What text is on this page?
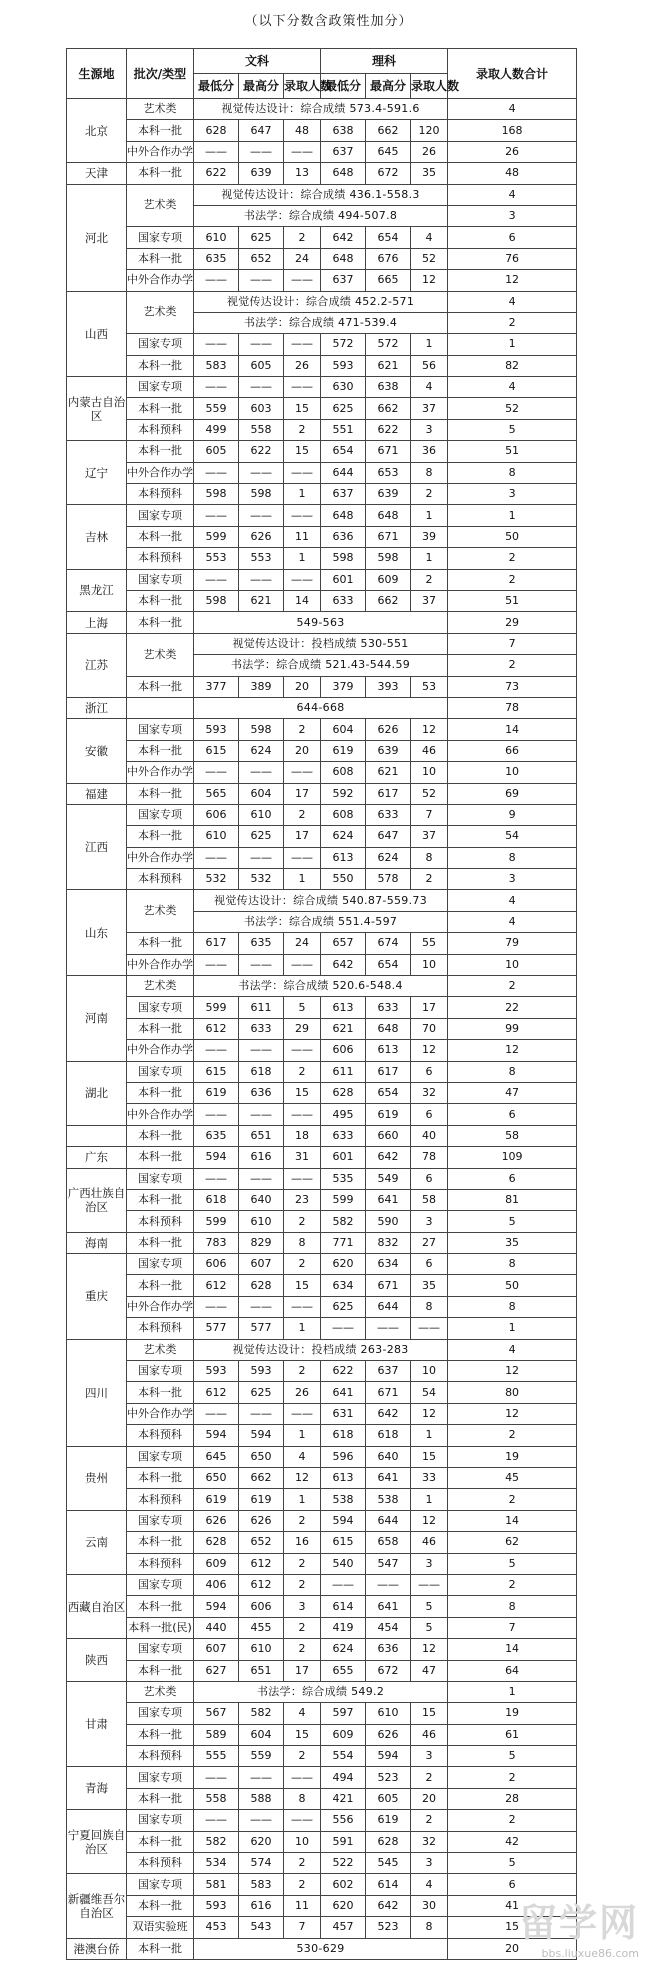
（以下分数含政策性加分）
生源地	批次/类型	文科			理科			录取人数合计
		最低分	最高分	录取人数	最低分	最高分	录取人数	
北京	艺术类	视觉传达设计：综合成绩 573.4-591.6						4
	本科一批	628	647	48	638	662	120	168
	中外合作办学	——	——	——	637	645	26	26
天津	本科一批	622	639	13	648	672	35	48
河北	艺术类	视觉传达设计：综合成绩 436.1-558.3						4
		书法学：综合成绩 494-507.8						3
	国家专项	610	625	2	642	654	4	6
	本科一批	635	652	24	648	676	52	76
	中外合作办学	——	——	——	637	665	12	12
山西	艺术类	视觉传达设计：综合成绩 452.2-571						4
		书法学：综合成绩 471-539.4						2
	国家专项	——	——	——	572	572	1	1
	本科一批	583	605	26	593	621	56	82
内蒙古自治区	国家专项	——	——	——	630	638	4	4
	本科一批	559	603	15	625	662	37	52
	本科预科	499	558	2	551	622	3	5
辽宁	本科一批	605	622	15	654	671	36	51
	中外合作办学	——	——	——	644	653	8	8
	本科预科	598	598	1	637	639	2	3
吉林	国家专项	——	——	——	648	648	1	1
	本科一批	599	626	11	636	671	39	50
	本科预科	553	553	1	598	598	1	2
黑龙江	国家专项	——	——	——	601	609	2	2
	本科一批	598	621	14	633	662	37	51
上海	本科一批	549-563						29
江苏	艺术类	视觉传达设计：投档成绩 530-551						7
		书法学：综合成绩 521.43-544.59						2
	本科一批	377	389	20	379	393	53	73
浙江		644-668						78
安徽	国家专项	593	598	2	604	626	12	14
	本科一批	615	624	20	619	639	46	66
	中外合作办学	——	——	——	608	621	10	10
福建	本科一批	565	604	17	592	617	52	69
江西	国家专项	606	610	2	608	633	7	9
	本科一批	610	625	17	624	647	37	54
	中外合作办学	——	——	——	613	624	8	8
	本科预科	532	532	1	550	578	2	3
山东	艺术类	视觉传达设计：综合成绩 540.87-559.73						4
		书法学：综合成绩 551.4-597						4
	本科一批	617	635	24	657	674	55	79
	中外合作办学	——	——	——	642	654	10	10
河南	艺术类	书法学：综合成绩 520.6-548.4						2
	国家专项	599	611	5	613	633	17	22
	本科一批	612	633	29	621	648	70	99
	中外合作办学	——	——	——	606	613	12	12
湖北	国家专项	615	618	2	611	617	6	8
	本科一批	619	636	15	628	654	32	47
	中外合作办学	——	——	——	495	619	6	6
	本科一批	635	651	18	633	660	40	58
广东	本科一批	594	616	31	601	642	78	109
广西壮族自治区	国家专项	——	——	——	535	549	6	6
	本科一批	618	640	23	599	641	58	81
	本科预科	599	610	2	582	590	3	5
海南	本科一批	783	829	8	771	832	27	35
重庆	国家专项	606	607	2	620	634	6	8
	本科一批	612	628	15	634	671	35	50
	中外合作办学	——	——	——	625	644	8	8
	本科预科	577	577	1	——	——	——	1
四川	艺术类	视觉传达设计：投档成绩 263-283						4
	国家专项	593	593	2	622	637	10	12
	本科一批	612	625	26	641	671	54	80
	中外合作办学	——	——	——	631	642	12	12
	本科预科	594	594	1	618	618	1	2
贵州	国家专项	645	650	4	596	640	15	19
	本科一批	650	662	12	613	641	33	45
	本科预科	619	619	1	538	538	1	2
云南	国家专项	626	626	2	594	644	12	14
	本科一批	628	652	16	615	658	46	62
	本科预科	609	612	2	540	547	3	5
西藏自治区	国家专项	406	612	2	——	——	——	2
	本科一批	594	606	3	614	641	5	8
	本科一批(民)	440	455	2	419	454	5	7
陕西	国家专项	607	610	2	624	636	12	14
	本科一批	627	651	17	655	672	47	64
甘肃	艺术类	书法学：综合成绩 549.2						1
	国家专项	567	582	4	597	610	15	19
	本科一批	589	604	15	609	626	46	61
	本科预科	555	559	2	554	594	3	5
青海	国家专项	——	——	——	494	523	2	2
	本科一批	558	588	8	421	605	20	28
宁夏回族自治区	国家专项	——	——	——	556	619	2	2
	本科一批	582	620	10	591	628	32	42
	本科预科	534	574	2	522	545	3	5
新疆维吾尔自治区	国家专项	581	583	2	602	614	4	6
	本科一批	593	616	11	620	642	30	41
	双语实验班	453	543	7	457	523	8	15
港澳台侨	本科一批	530-629						20
留学网
bbs.liuxue86.com
